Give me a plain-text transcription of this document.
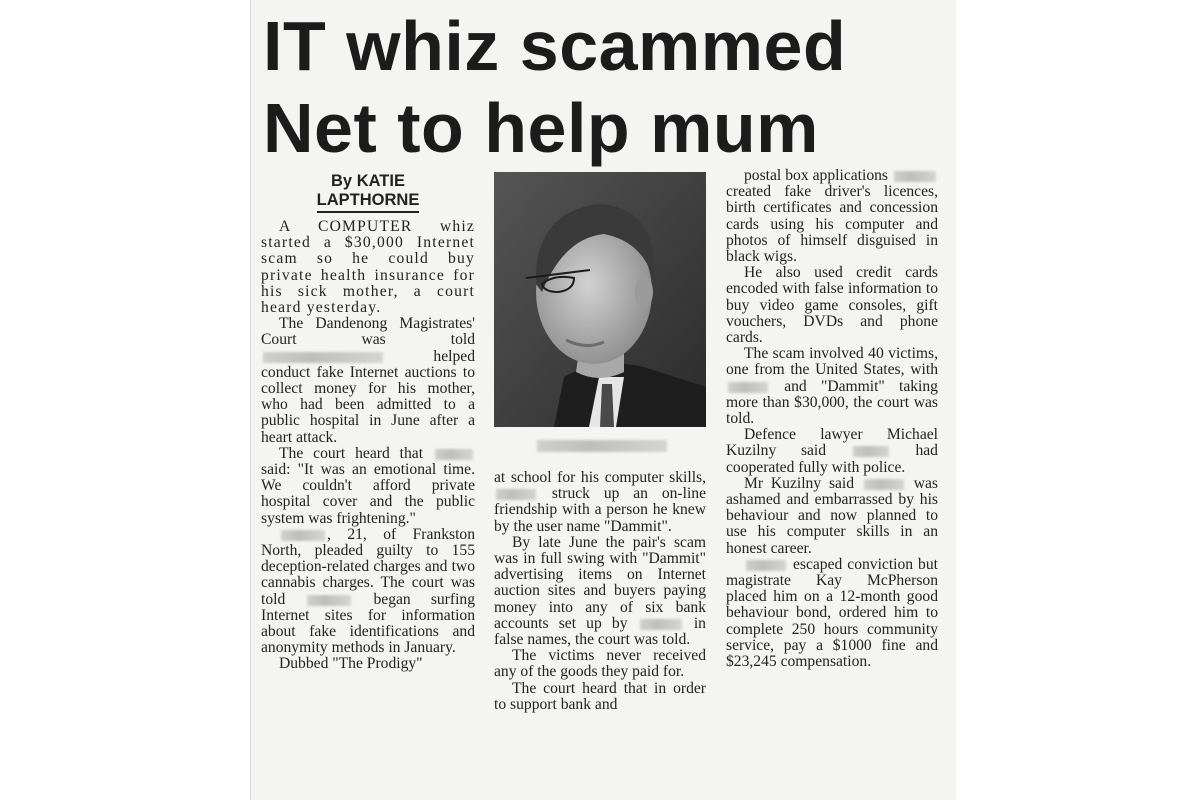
IT whiz scammed
Net to help mum
By KATIE
LAPTHORNE

A COMPUTER whiz started a $30,000 Internet scam so he could buy private health insurance for his sick mother, a court heard yesterday.

The Dandenong Magistrates' Court was told  helped conduct fake Internet auctions to collect money for his mother, who had been admitted to a public hospital in June after a heart attack.

The court heard that  said: "It was an emotional time. We couldn't afford private hospital cover and the public system was frightening."

, 21, of Frankston North, pleaded guilty to 155 deception-related charges and two cannabis charges. The court was told	began surfing Internet sites for information about fake identifications and anonymity methods in January.

Dubbed "The Prodigy"

at school for his computer skills,  struck up an on-line friendship with a person he knew by the user name "Dammit".

By late June the pair's scam was in full swing with "Dammit" advertising items on Internet auction sites and buyers paying money into any of six bank accounts set up by	in false names, the court was told.

The victims never received any of the goods they paid for.

The court heard that in order to support bank and

postal box applications  created fake driver's licences, birth certificates and concession cards using his computer and photos of himself disguised in black wigs.

He also used credit cards encoded with false information to buy video game consoles, gift vouchers, DVDs and phone cards.

The scam involved 40 victims, one from the United States, with  and "Dammit" taking more than $30,000, the court was told.

Defence lawyer Michael Kuzilny said	had cooperated fully with police.

Mr Kuzilny said	was ashamed and embarrassed by his behaviour and now planned to use his computer skills in an honest career.

escaped conviction but magistrate Kay McPherson placed him on a 12-month good behaviour bond, ordered him to complete 250 hours community service, pay a $1000 fine and $23,245 compensation.
